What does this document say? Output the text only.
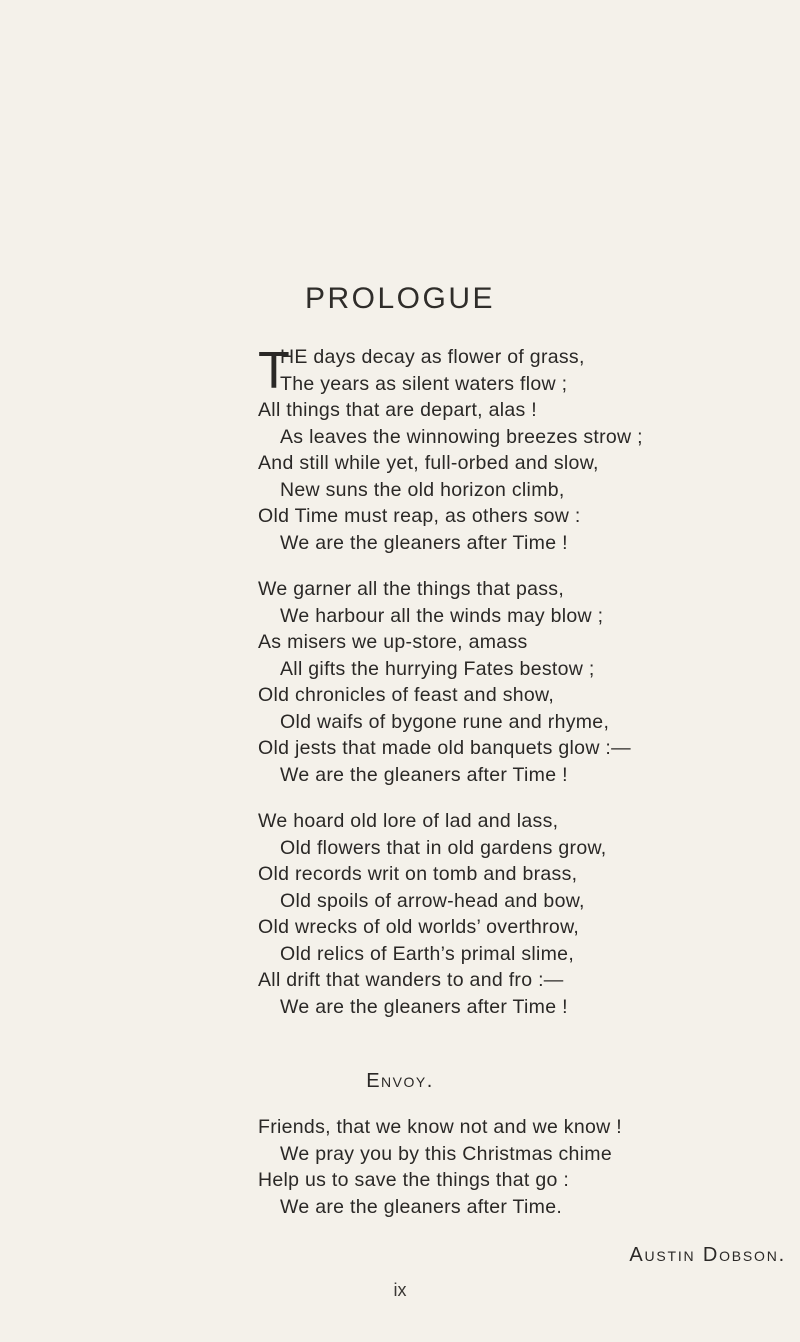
PROLOGUE
T
HE days decay as flower of grass,
The years as silent waters flow ;
All things that are depart, alas !
As leaves the winnowing breezes strow ;
And still while yet, full-orbed and slow,
New suns the old horizon climb,
Old Time must reap, as others sow :
We are the gleaners after Time !
We garner all the things that pass,
We harbour all the winds may blow ;
As misers we up-store, amass
All gifts the hurrying Fates bestow ;
Old chronicles of feast and show,
Old waifs of bygone rune and rhyme,
Old jests that made old banquets glow :—
We are the gleaners after Time !
We hoard old lore of lad and lass,
Old flowers that in old gardens grow,
Old records writ on tomb and brass,
Old spoils of arrow-head and bow,
Old wrecks of old worlds’ overthrow,
Old relics of Earth’s primal slime,
All drift that wanders to and fro :—
We are the gleaners after Time !
Envoy.
Friends, that we know not and we know !
We pray you by this Christmas chime
Help us to save the things that go :
We are the gleaners after Time.
Austin Dobson.
ix
